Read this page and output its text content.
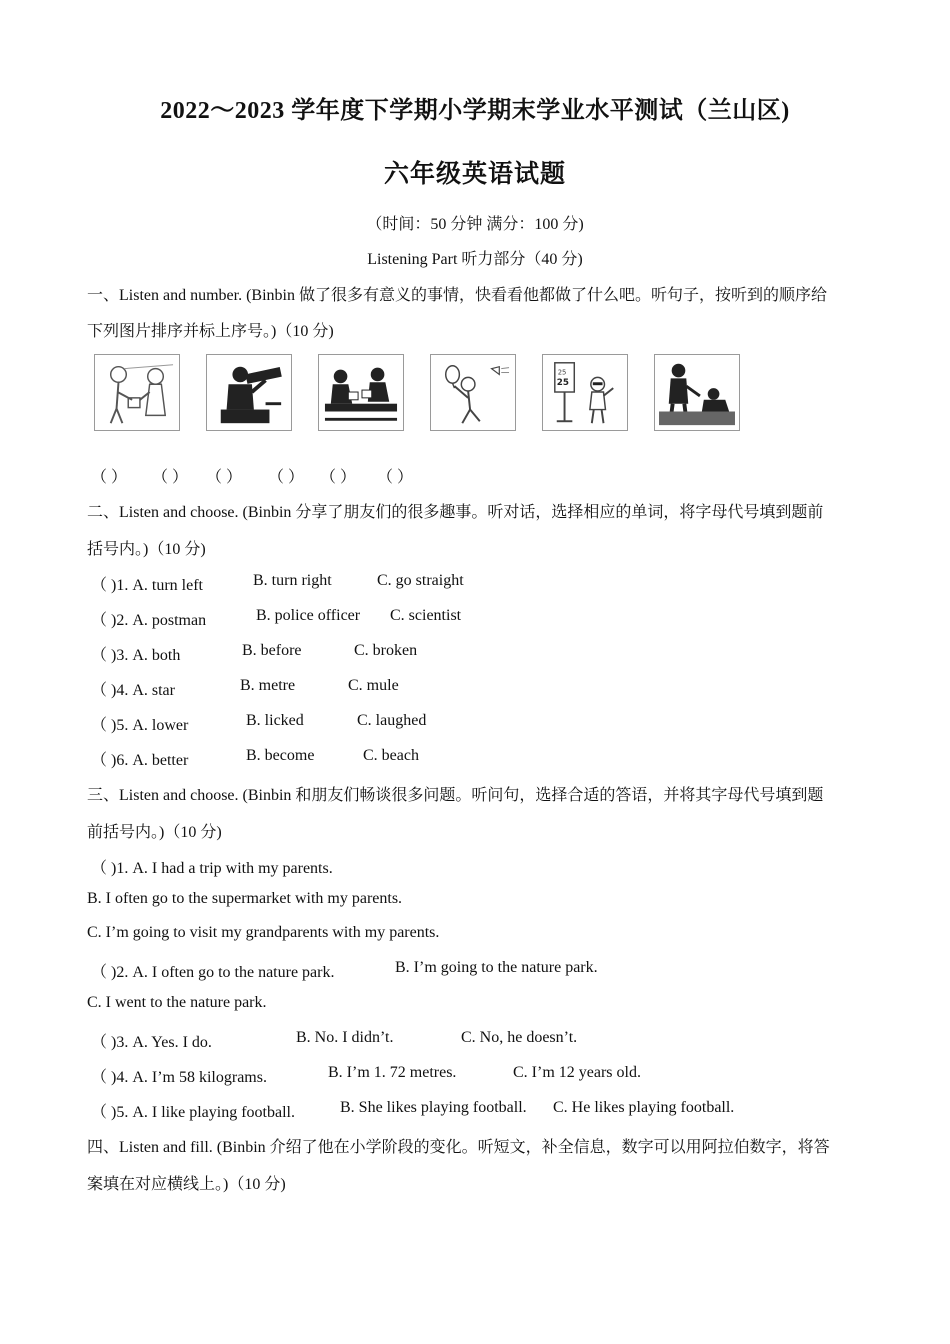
2022～2023 学年度下学期小学期末学业水平测试（兰山区)
六年级英语试题
（时间：50 分钟 满分：100 分)
Listening Part 听力部分（40 分)
一、Listen and number. (Binbin 做了很多有意义的事情，快看看他都做了什么吧。听句子，按听到的顺序给
下列图片排序并标上序号。)（10 分)
25
25
（ ） （ ） （ ） （ ） （ ） （ ）
二、Listen and choose. (Binbin 分享了朋友们的很多趣事。听对话，选择相应的单词，将字母代号填到题前
括号内。)（10 分)
（ )1. A. turn left	B. turn right	C. go straight
（ )2. A. postman	B. police officer C. scientist
（ )3. A. both	B. before	C. broken
（ )4. A. star	B. metre	C. mule
（ )5. A. lower	B. licked	C. laughed
（ )6. A. better	B. become	C. beach
三、Listen and choose. (Binbin 和朋友们畅谈很多问题。听问句，选择合适的答语，并将其字母代号填到题
前括号内。)（10 分)
（ )1. A. I had a trip with my parents.
B. I often go to the supermarket with my parents.
C. I’m going to visit my grandparents with my parents.
（ )2. A. I often go to the nature park.	B. I’m going to the nature park.
C. I went to the nature park.
（ )3. A. Yes. I do.	B. No. I didn’t.	C. No, he doesn’t.
（ )4. A. I’m 58 kilograms.	B. I’m 1. 72 metres.	C. I’m 12 years old.
（ )5. A. I like playing football.	B. She likes playing football. C. He likes playing football.
四、Listen and fill. (Binbin 介绍了他在小学阶段的变化。听短文，补全信息，数字可以用阿拉伯数字，将答
案填在对应横线上。)（10 分)
